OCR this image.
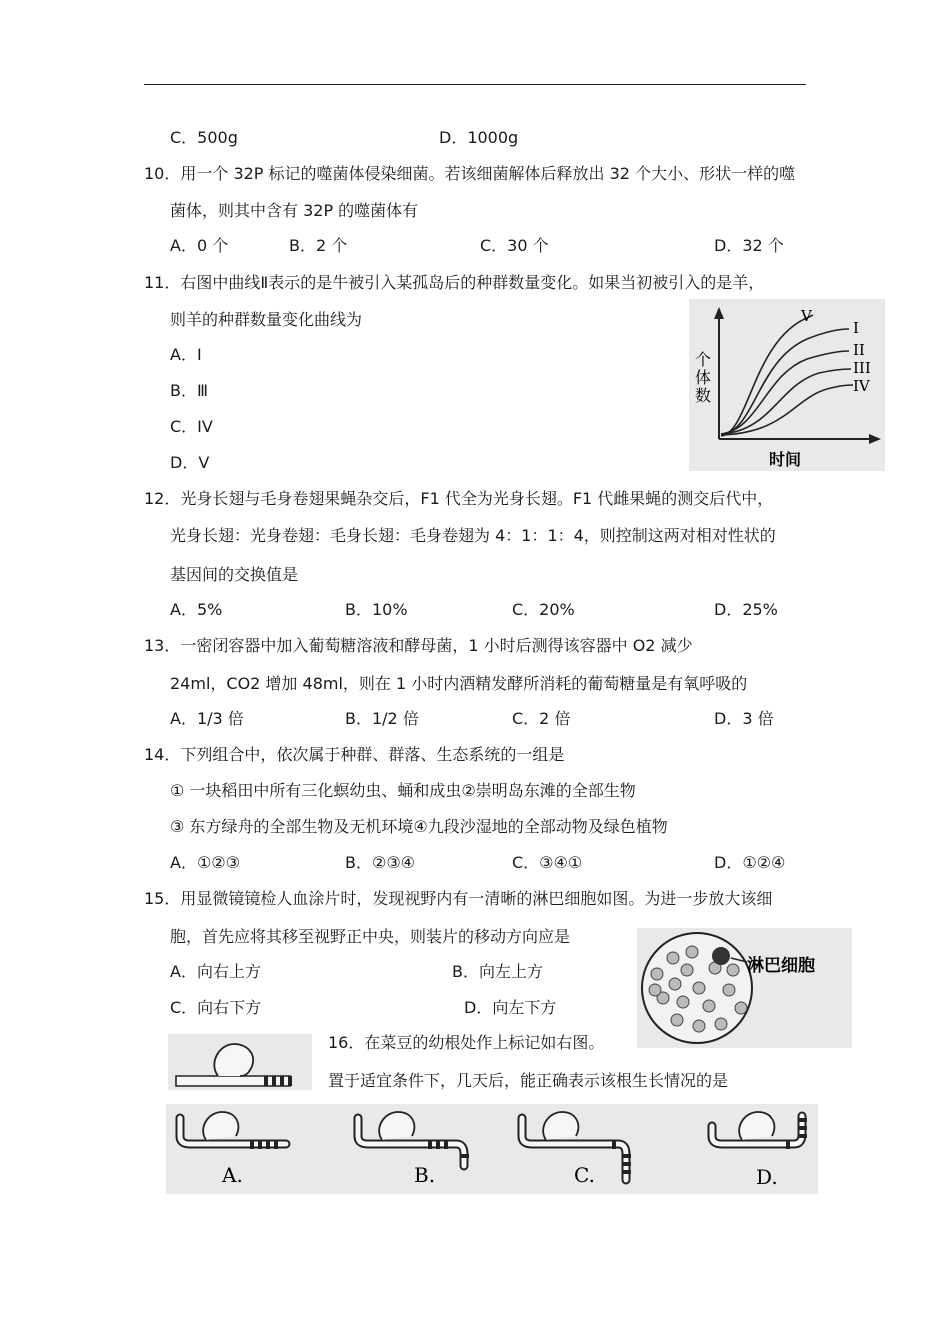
C．500g	D．1000g
10．用一个 32P 标记的噬菌体侵染细菌。若该细菌解体后释放出 32 个大小、形状一样的噬
菌体，则其中含有 32P 的噬菌体有
A．0 个	B．2 个	C．30 个	D．32 个
11．右图中曲线Ⅱ表示的是牛被引入某孤岛后的种群数量变化。如果当初被引入的是羊，
则羊的种群数量变化曲线为
A．I
B．Ⅲ
C．IV
D．V
个
体
数
时间
V
I
II
III
IV
12．光身长翅与毛身卷翅果蝇杂交后，F1 代全为光身长翅。F1 代雌果蝇的测交后代中，
光身长翅：光身卷翅：毛身长翅：毛身卷翅为 4：1：1：4，则控制这两对相对性状的
基因间的交换值是
A．5%	B．10%	C．20%	D．25%
13．一密闭容器中加入葡萄糖溶液和酵母菌，1 小时后测得该容器中 O2 减少
24ml，CO2 增加 48ml，则在 1 小时内酒精发酵所消耗的葡萄糖量是有氧呼吸的
A．1/3 倍	B．1/2 倍	C．2 倍	D．3 倍
14．下列组合中，依次属于种群、群落、生态系统的一组是
① 一块稻田中所有三化螟幼虫、蛹和成虫②崇明岛东滩的全部生物
③ 东方绿舟的全部生物及无机环境④九段沙湿地的全部动物及绿色植物
A．①②③	B．②③④	C．③④①	D．①②④
15．用显微镜镜检人血涂片时，发现视野内有一清晰的淋巴细胞如图。为进一步放大该细
胞，首先应将其移至视野正中央，则装片的移动方向应是
A．向右上方	B．向左上方
C．向右下方	D．向左下方
淋巴细胞
16．在菜豆的幼根处作上标记如右图。
置于适宜条件下，几天后，能正确表示该根生长情况的是
A.	B.	C.	D.
